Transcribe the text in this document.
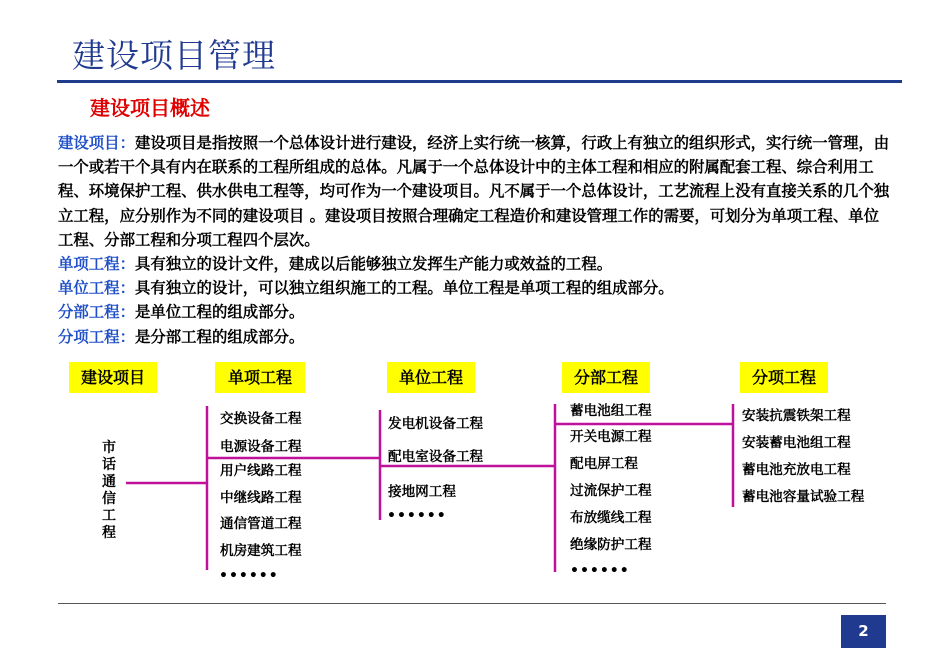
建设项目管理
建设项目概述

建设项目：建设项目是指按照一个总体设计进行建设，经济上实行统一核算，行政上有独立的组织形式，实行统一管理，由一个或若干个具有内在联系的工程所组成的总体。凡属于一个总体设计中的主体工程和相应的附属配套工程、综合利用工程、环境保护工程、供水供电工程等，均可作为一个建设项目。凡不属于一个总体设计，工艺流程上没有直接关系的几个独立工程，应分别作为不同的建设项目 。建设项目按照合理确定工程造价和建设管理工作的需要，可划分为单项工程、单位工程、分部工程和分项工程四个层次。

单项工程：具有独立的设计文件，建成以后能够独立发挥生产能力或效益的工程。

单位工程：具有独立的设计，可以独立组织施工的工程。单位工程是单项工程的组成部分。

分部工程：是单位工程的组成部分。

分项工程：是分部工程的组成部分。

建设项目	单项工程	单位工程	分部工程	分项工程
市话通信工程
交换设备工程
电源设备工程
用户线路工程
中继线路工程
通信管道工程
机房建筑工程
••••••
发电机设备工程
配电室设备工程
接地网工程
••••••
蓄电池组工程
开关电源工程
配电屏工程
过流保护工程
布放缆线工程
绝缘防护工程
••••••
安装抗震铁架工程
安装蓄电池组工程
蓄电池充放电工程
蓄电池容量试验工程
2
